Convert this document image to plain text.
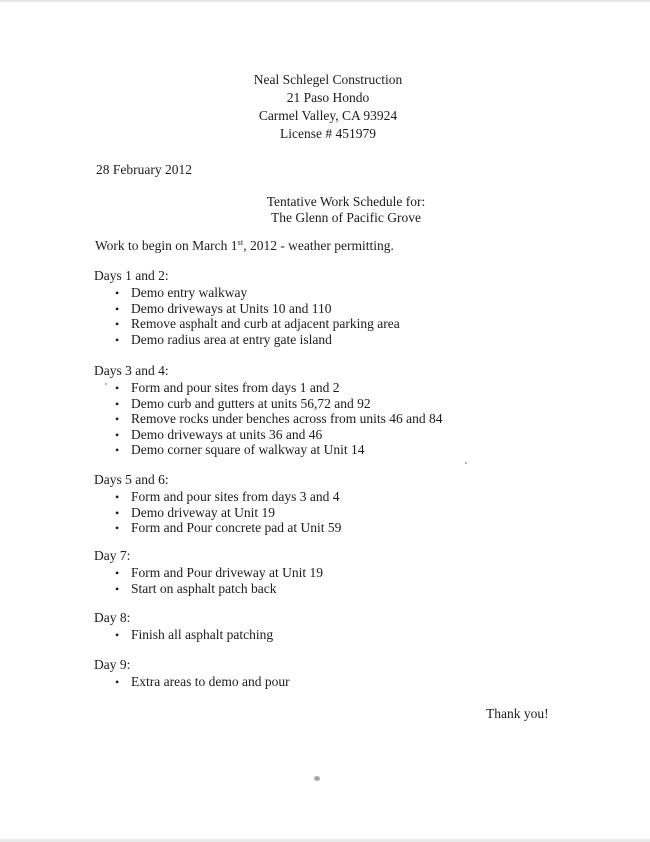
Neal Schlegel Construction
21 Paso Hondo
Carmel Valley, CA 93924
License # 451979
28 February 2012
Tentative Work Schedule for:
The Glenn of Pacific Grove
Work to begin on March 1st, 2012 - weather permitting.
Days 1 and 2:
• Demo entry walkway
• Demo driveways at Units 10 and 110
• Remove asphalt and curb at adjacent parking area
• Demo radius area at entry gate island
Days 3 and 4:
• Form and pour sites from days 1 and 2
• Demo curb and gutters at units 56,72 and 92
• Remove rocks under benches across from units 46 and 84
• Demo driveways at units 36 and 46
• Demo corner square of walkway at Unit 14
Days 5 and 6:
• Form and pour sites from days 3 and 4
• Demo driveway at Unit 19
• Form and Pour concrete pad at Unit 59
Day 7:
• Form and Pour driveway at Unit 19
• Start on asphalt patch back
Day 8:
• Finish all asphalt patching
Day 9:
• Extra areas to demo and pour
Thank you!
